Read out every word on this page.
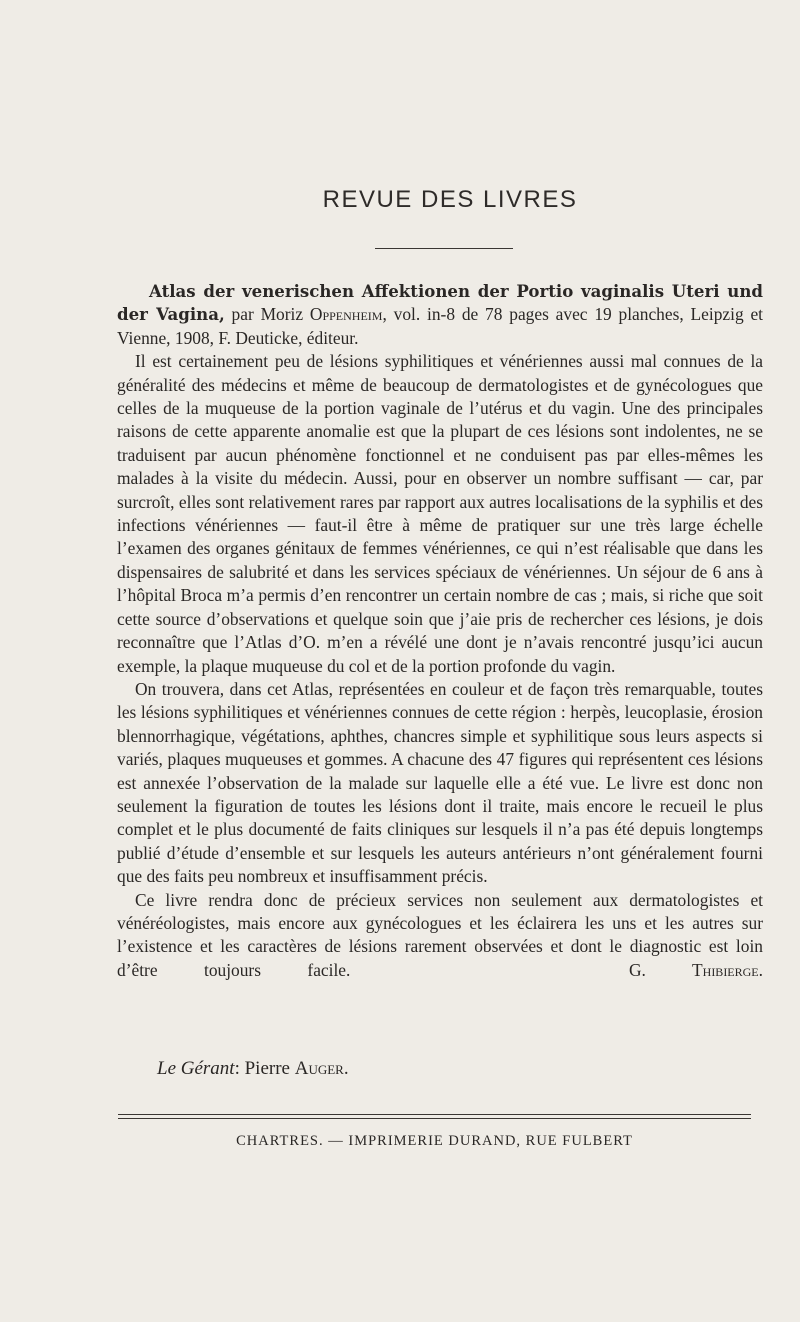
REVUE DES LIVRES

Atlas der venerischen Affektionen der Portio vaginalis Uteri und der Vagina, par Moriz Oppenheim, vol. in-8 de 78 pages avec 19 planches, Leipzig et Vienne, 1908, F. Deuticke, éditeur.

Il est certainement peu de lésions syphilitiques et vénériennes aussi mal connues de la généralité des médecins et même de beaucoup de dermatologistes et de gynécologues que celles de la muqueuse de la portion vaginale de l’utérus et du vagin. Une des principales raisons de cette apparente anomalie est que la plupart de ces lésions sont indolentes, ne se traduisent par aucun phénomène fonctionnel et ne conduisent pas par elles-mêmes les malades à la visite du médecin. Aussi, pour en observer un nombre suffisant — car, par surcroît, elles sont relativement rares par rapport aux autres localisations de la syphilis et des infections vénériennes — faut-il être à même de pratiquer sur une très large échelle l’examen des organes génitaux de femmes vénériennes, ce qui n’est réalisable que dans les dispensaires de salubrité et dans les services spéciaux de vénériennes. Un séjour de 6 ans à l’hôpital Broca m’a permis d’en rencontrer un certain nombre de cas ; mais, si riche que soit cette source d’observations et quelque soin que j’aie pris de rechercher ces lésions, je dois reconnaître que l’Atlas d’O. m’en a révélé une dont je n’avais rencontré jusqu’ici aucun exemple, la plaque muqueuse du col et de la portion profonde du vagin.

On trouvera, dans cet Atlas, représentées en couleur et de façon très remarquable, toutes les lésions syphilitiques et vénériennes connues de cette région : herpès, leucoplasie, érosion blennorrhagique, végétations, aphthes, chancres simple et syphilitique sous leurs aspects si variés, plaques muqueuses et gommes. A chacune des 47 figures qui représentent ces lésions est annexée l’observation de la malade sur laquelle elle a été vue. Le livre est donc non seulement la figuration de toutes les lésions dont il traite, mais encore le recueil le plus complet et le plus documenté de faits cliniques sur lesquels il n’a pas été depuis longtemps publié d’étude d’ensemble et sur lesquels les auteurs antérieurs n’ont généralement fourni que des faits peu nombreux et insuffisamment précis.

Ce livre rendra donc de précieux services non seulement aux dermatologistes et vénéréologistes, mais encore aux gynécologues et les éclairera les uns et les autres sur l’existence et les caractères de lésions rarement observées et dont le diagnostic est loin d’être toujours facile.	G. Thibierge.

Le Gérant: Pierre Auger.
CHARTRES. — IMPRIMERIE DURAND, RUE FULBERT
